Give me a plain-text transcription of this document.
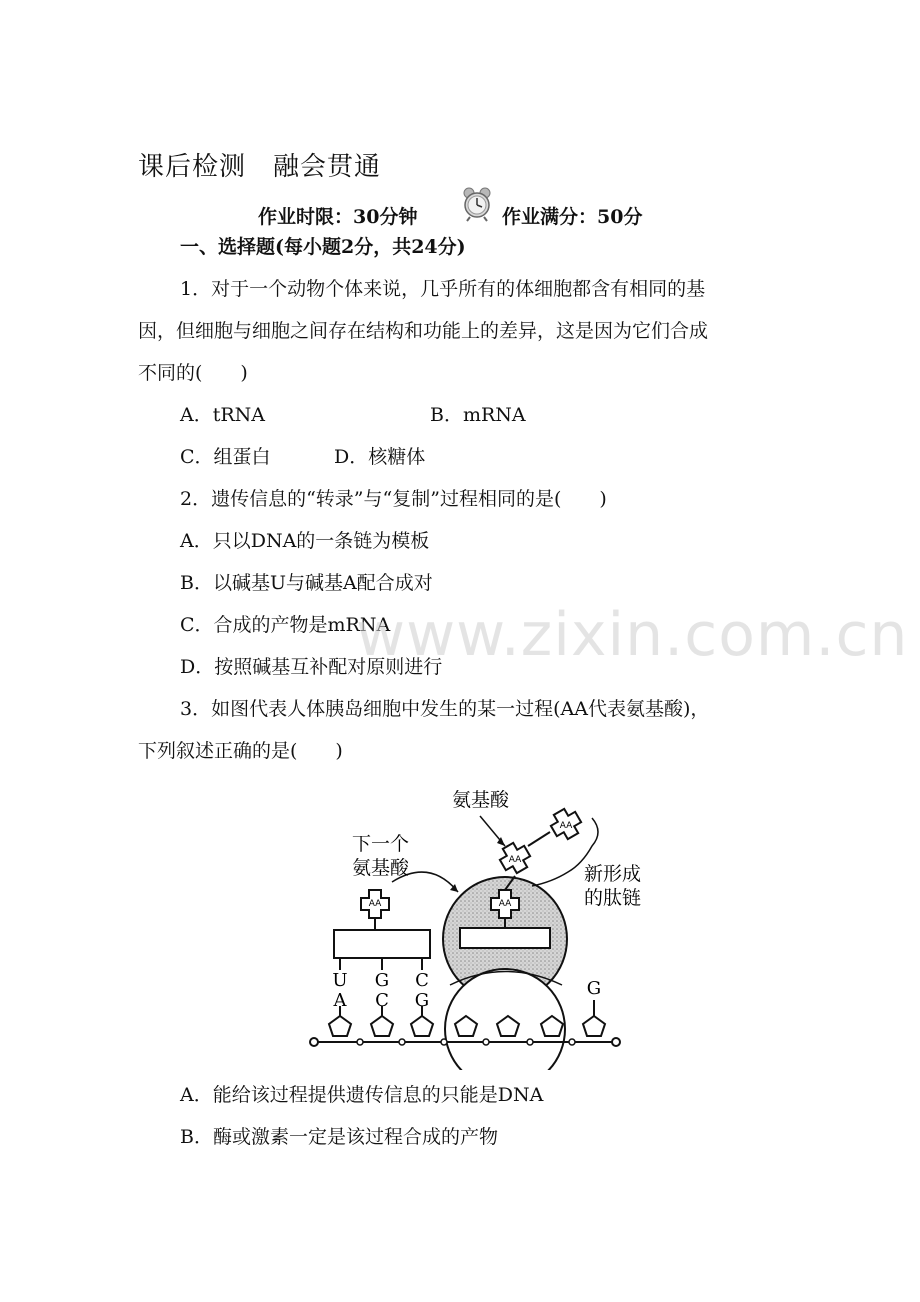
课后检测　融会贯通
作业时限：30分钟	作业满分：50分
一、选择题(每小题2分，共24分)
1．对于一个动物个体来说，几乎所有的体细胞都含有相同的基
因，但细胞与细胞之间存在结构和功能上的差异，这是因为它们合成
不同的(　　)
A．tRNA	B．mRNA
C．组蛋白	D．核糖体
2．遗传信息的“转录”与“复制”过程相同的是(　　)
A．只以DNA的一条链为模板
B．以碱基U与碱基A配合成对
C．合成的产物是mRNA
D．按照碱基互补配对原则进行
www.zixin.com.cn
3．如图代表人体胰岛细胞中发生的某一过程(AA代表氨基酸)，
下列叙述正确的是(　　)
AA
AA
AA
AA
U G C
A C G
G
氨基酸
下一个
氨基酸	新形成
的肽链
A．能给该过程提供遗传信息的只能是DNA
B．酶或激素一定是该过程合成的产物
